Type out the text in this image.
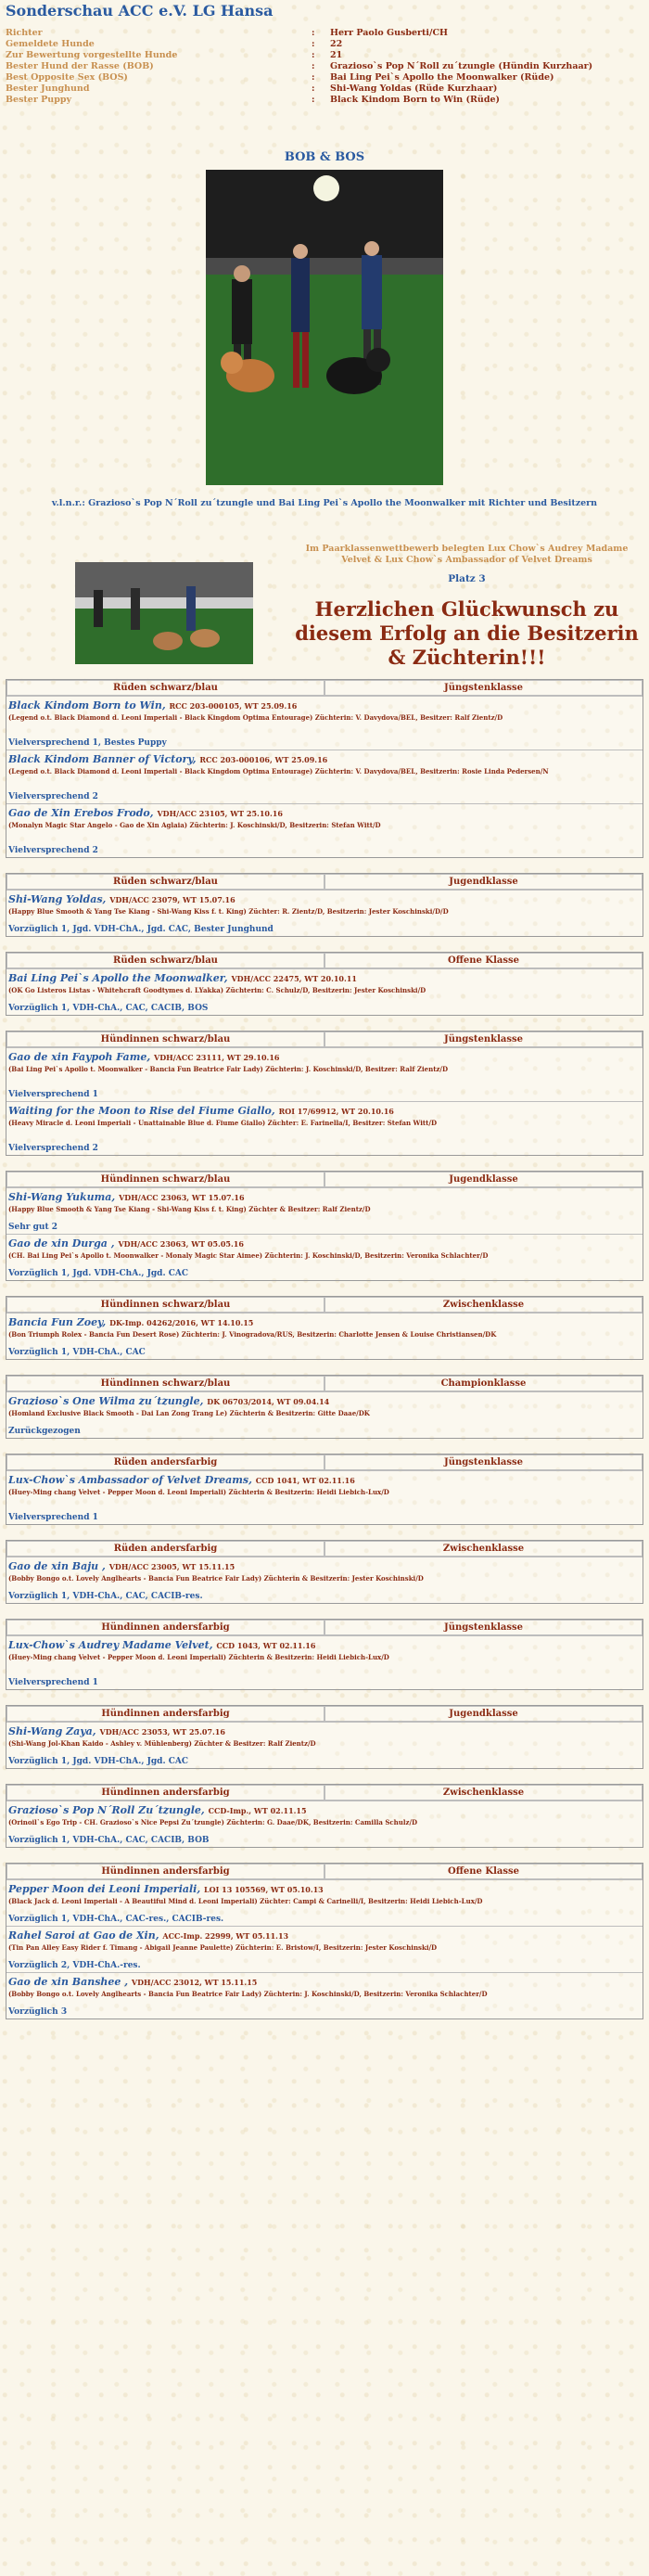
Sonderschau ACC e.V. LG Hansa
Richter	:	Herr Paolo Gusberti/CH
Gemeldete Hunde	:	22
Zur Bewertung vorgestellte Hunde	:	21
Bester Hund der Rasse (BOB)	:	Grazioso`s Pop N´Roll zu´tzungle (Hündin Kurzhaar)
Best Opposite Sex (BOS)	:	Bai Ling Pei`s Apollo the Moonwalker (Rüde)
Bester Junghund	:	Shi-Wang Yoldas (Rüde Kurzhaar)
Bester Puppy	:	Black Kindom Born to Win (Rüde)
BOB & BOS
v.l.n.r.: Grazioso`s Pop N´Roll zu´tzungle und Bai Ling Pei`s Apollo the Moonwalker mit Richter und Besitzern
Im Paarklassenwettbewerb belegten Lux Chow`s Audrey Madame Velvet & Lux Chow`s Ambassador of Velvet Dreams
Platz 3
Herzlichen Glückwunsch zu diesem Erfolg an die Besitzerin & Züchterin!!!
Rüden schwarz/blau	Jüngstenklasse
Black Kindom Born to Win, RCC 203-000105, WT 25.09.16
(Legend o.t. Black Diamond d. Leoni Imperiali - Black Kingdom Optima Entourage) Züchterin: V. Davydova/BEL, Besitzer: Ralf Zientz/D
Vielversprechend 1, Bestes Puppy
Black Kindom Banner of Victory, RCC 203-000106, WT 25.09.16
(Legend o.t. Black Diamond d. Leoni Imperiali - Black Kingdom Optima Entourage) Züchterin: V. Davydova/BEL, Besitzerin: Rosie Linda Pedersen/N
Vielversprechend 2
Gao de Xin Erebos Frodo, VDH/ACC 23105, WT 25.10.16
(Monalyn Magic Star Angelo - Gao de Xin Aglaia) Züchterin: J. Koschinski/D, Besitzerin: Stefan Witt/D
Vielversprechend 2
Rüden schwarz/blau	Jugendklasse
Shi-Wang Yoldas, VDH/ACC 23079, WT 15.07.16
(Happy Blue Smooth & Yang Tse Kiang - Shi-Wang Kiss f. t. King) Züchter: R. Zientz/D, Besitzerin: Jester Koschinski/D/D
Vorzüglich 1, Jgd. VDH-ChA., Jgd. CAC, Bester Junghund
Rüden schwarz/blau	Offene Klasse
Bai Ling Pei`s Apollo the Moonwalker, VDH/ACC 22475, WT 20.10.11
(OK Go Listeros Listas - Whitehcraft Goodtymes d. LYakka) Züchterin: C. Schulz/D, Besitzerin: Jester Koschinski/D
Vorzüglich 1, VDH-ChA., CAC, CACIB, BOS
Hündinnen schwarz/blau	Jüngstenklasse
Gao de xin Faypoh Fame, VDH/ACC 23111, WT 29.10.16
(Bai Ling Pei`s Apollo t. Moonwalker - Bancia Fun Beatrice Fair Lady) Züchterin: J. Koschinski/D, Besitzer: Ralf Zientz/D
Vielversprechend 1
Waiting for the Moon to Rise del Fiume Giallo, ROI 17/69912, WT 20.10.16
(Heavy Miracle d. Leoni Imperiali - Unattainable Blue d. Fiume Giallo) Züchter: E. Farinella/I, Besitzer: Stefan Witt/D
Vielversprechend 2
Hündinnen schwarz/blau	Jugendklasse
Shi-Wang Yukuma, VDH/ACC 23063, WT 15.07.16
(Happy Blue Smooth & Yang Tse Kiang - Shi-Wang Kiss f. t. King) Züchter & Besitzer: Ralf Zientz/D
Sehr gut 2
Gao de xin Durga , VDH/ACC 23063, WT 05.05.16
(CH. Bai Ling Pei`s Apollo t. Moonwalker - Monaly Magic Star Aimee) Züchterin: J. Koschinski/D, Besitzerin: Veronika Schlachter/D
Vorzüglich 1, Jgd. VDH-ChA., Jgd. CAC
Hündinnen schwarz/blau	Zwischenklasse
Bancia Fun Zoey, DK-Imp. 04262/2016, WT 14.10.15
(Bon Triumph Rolex - Bancia Fun Desert Rose) Züchterin: J. Vinogradova/RUS, Besitzerin: Charlotte Jensen & Louise Christiansen/DK
Vorzüglich 1, VDH-ChA., CAC
Hündinnen schwarz/blau	Championklasse
Grazioso`s One Wilma zu´tzungle, DK 06703/2014, WT 09.04.14
(Homland Exclusive Black Smooth - Dai Lan Zong Trang Le) Züchterin & Besitzerin: Gitte Daae/DK
Zurückgezogen
Rüden andersfarbig	Jüngstenklasse
Lux-Chow`s Ambassador of Velvet Dreams, CCD 1041, WT 02.11.16
(Huey-Ming chang Velvet - Pepper Moon d. Leoni Imperiali) Züchterin & Besitzerin: Heidi Liebich-Lux/D
Vielversprechend 1
Rüden andersfarbig	Zwischenklasse
Gao de xin Baju , VDH/ACC 23005, WT 15.11.15
(Bobby Bongo o.t. Lovely Anglhearts - Bancia Fun Beatrice Fair Lady) Züchterin & Besitzerin: Jester Koschinski/D
Vorzüglich 1, VDH-ChA., CAC, CACIB-res.
Hündinnen andersfarbig	Jüngstenklasse
Lux-Chow`s Audrey Madame Velvet, CCD 1043, WT 02.11.16
(Huey-Ming chang Velvet - Pepper Moon d. Leoni Imperiali) Züchterin & Besitzerin: Heidi Liebich-Lux/D
Vielversprechend 1
Hündinnen andersfarbig	Jugendklasse
Shi-Wang Zaya, VDH/ACC 23053, WT 25.07.16
(Shi-Wang Jol-Khan Kaido - Ashley v. Mühlenberg) Züchter & Besitzer: Ralf Zientz/D
Vorzüglich 1, Jgd. VDH-ChA., Jgd. CAC
Hündinnen andersfarbig	Zwischenklasse
Grazioso`s Pop N´Roll Zu´tzungle, CCD-Imp., WT 02.11.15
(Orinoil`s Ego Trip - CH. Grazioso`s Nice Pepsi Zu´tzungle) Züchterin: G. Daae/DK, Besitzerin: Camilla Schulz/D
Vorzüglich 1, VDH-ChA., CAC, CACIB, BOB
Hündinnen andersfarbig	Offene Klasse
Pepper Moon dei Leoni Imperiali, LOI 13 105569, WT 05.10.13
(Black Jack d. Leoni Imperiali - A Beautiful Mind d. Leoni Imperiali) Züchter: Campi & Carinelli/I, Besitzerin: Heidi Liebich-Lux/D
Vorzüglich 1, VDH-ChA., CAC-res., CACIB-res.
Rahel Saroi at Gao de Xin, ACC-Imp. 22999, WT 05.11.13
(Tin Pan Alley Easy Rider f. Timang - Abigail Jeanne Paulette) Züchterin: E. Bristow/I, Besitzerin: Jester Koschinski/D
Vorzüglich 2, VDH-ChA.-res.
Gao de xin Banshee , VDH/ACC 23012, WT 15.11.15
(Bobby Bongo o.t. Lovely Anglhearts - Bancia Fun Beatrice Fair Lady) Züchterin: J. Koschinski/D, Besitzerin: Veronika Schlachter/D
Vorzüglich 3
